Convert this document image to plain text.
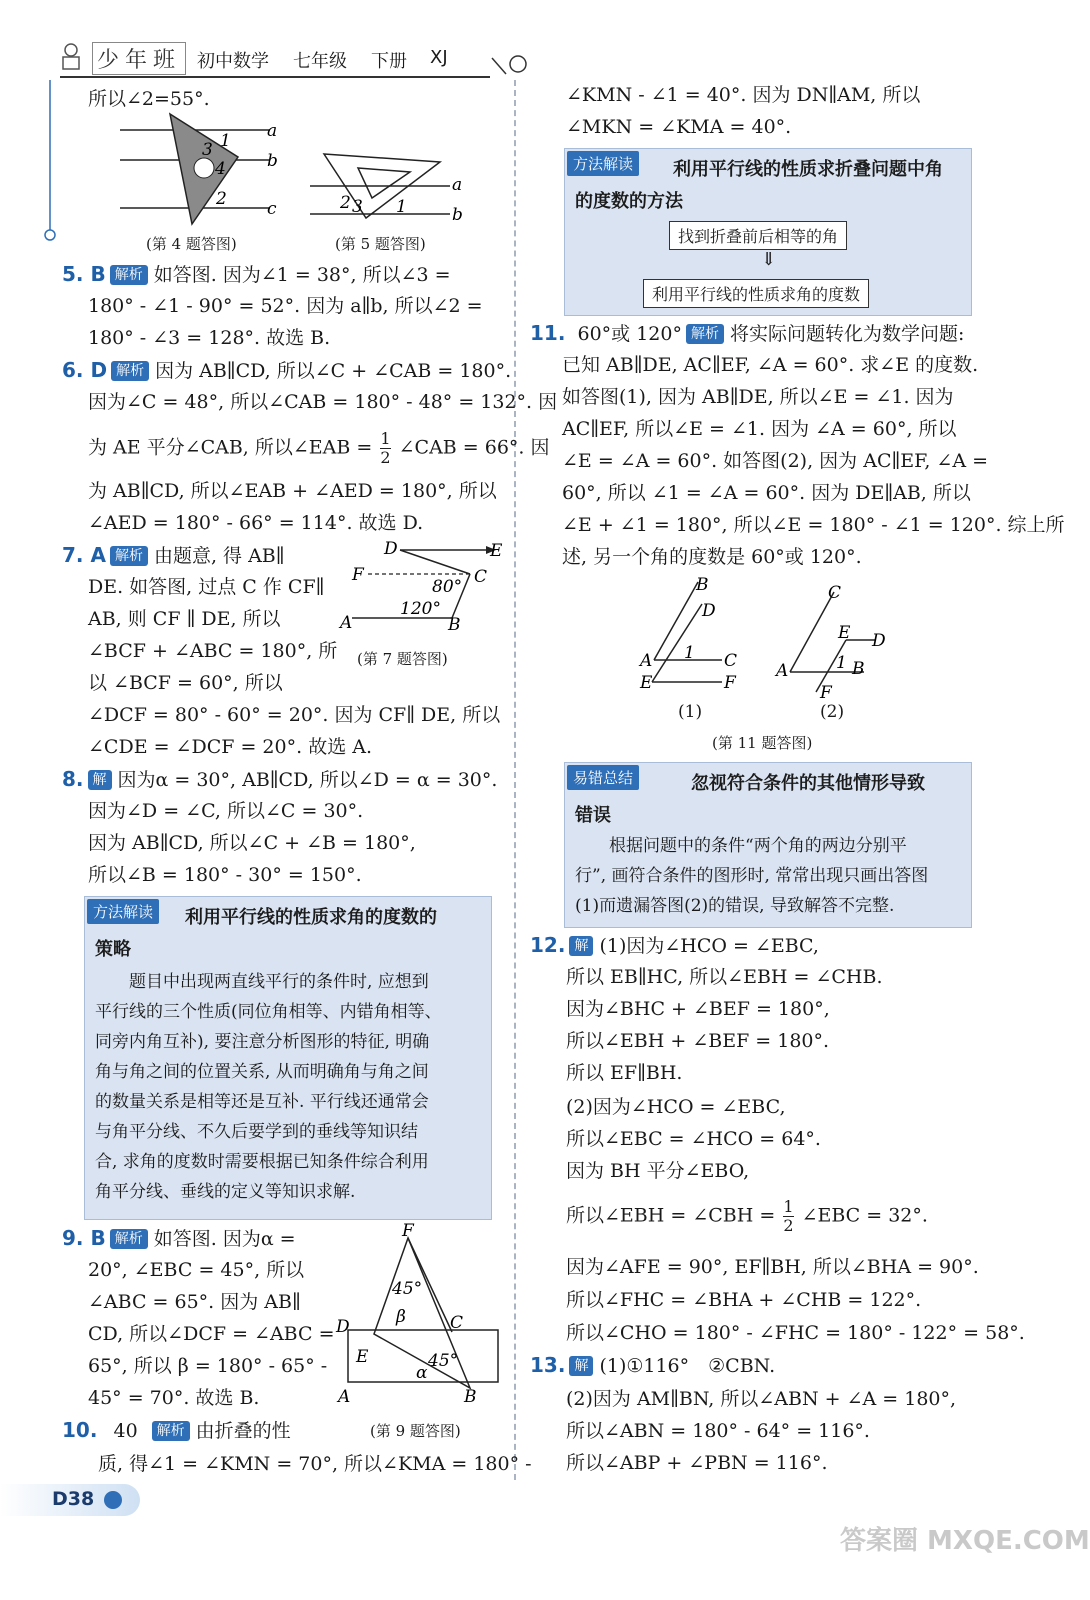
少年班 初中数学 七年级 下册 XJ
所以∠2=55°.
1
3
4
2
a
b
c
(第 4 题答图)
2 3 1
a
b
(第 5 题答图)
5. B 解析 如答图. 因为∠1 = 38°, 所以∠3 =
180° - ∠1 - 90° = 52°. 因为 a∥b, 所以∠2 =
180° - ∠3 = 128°. 故选 B.
6. D 解析 因为 AB∥CD, 所以∠C + ∠CAB = 180°.
因为∠C = 48°, 所以∠CAB = 180° - 48° = 132°. 因
为 AE 平分∠CAB, 所以∠EAB = $\frac{1}{2}$ ∠CAB = 66°. 因
为 AB∥CD, 所以∠EAB + ∠AED = 180°, 所以
∠AED = 180° - 66° = 114°. 故选 D.
7. A 解析 由题意, 得 AB∥
DE. 如答图, 过点 C 作 CF∥
AB, 则 CF ∥ DE, 所以
∠BCF + ∠ABC = 180°, 所
以 ∠BCF = 60°, 所以
∠DCF = 80° - 60° = 20°. 因为 CF∥ DE, 所以
∠CDE = ∠DCF = 20°. 故选 A.
D	E
F	C
A	B
80°
120°
(第 7 题答图)
8. 解 因为α = 30°, AB∥CD, 所以∠D = α = 30°.
因为∠D = ∠C, 所以∠C = 30°.
因为 AB∥CD, 所以∠C + ∠B = 180°,
所以∠B = 180° - 30° = 150°.
方法解读	利用平行线的性质求角的度数的
策略
　　题目中出现两直线平行的条件时, 应想到
平行线的三个性质(同位角相等、内错角相等、
同旁内角互补), 要注意分析图形的特征, 明确
角与角之间的位置关系, 从而明确角与角之间
的数量关系是相等还是互补. 平行线还通常会
与角平分线、不久后要学到的垂线等知识结
合, 求角的度数时需要根据已知条件综合利用
角平分线、垂线的定义等知识求解.
9. B 解析 如答图. 因为α =
20°, ∠EBC = 45°, 所以
∠ABC = 65°. 因为 AB∥
CD, 所以∠DCF = ∠ABC =
65°, 所以 β = 180° - 65° -
45° = 70°. 故选 B.
F
D	C
E
A	B
45°
β
45°
α
(第 9 题答图)
10. 40 解析 由折叠的性
质, 得∠1 = ∠KMN = 70°, 所以∠KMA = 180° -
∠KMN - ∠1 = 40°. 因为 DN∥AM, 所以
∠MKN = ∠KMA = 40°.
方法解读	利用平行线的性质求折叠问题中角
的度数的方法
找到折叠前后相等的角
⇓
利用平行线的性质求角的度数
11. 60°或 120° 解析 将实际问题转化为数学问题:
已知 AB∥DE, AC∥EF, ∠A = 60°. 求∠E 的度数.
如答图(1), 因为 AB∥DE, 所以∠E = ∠1. 因为
AC∥EF, 所以∠E = ∠1. 因为 ∠A = 60°, 所以
∠E = ∠A = 60°. 如答图(2), 因为 AC∥EF, ∠A =
60°, 所以 ∠1 = ∠A = 60°. 因为 DE∥AB, 所以
∠E + ∠1 = 180°, 所以∠E = 180° - ∠1 = 120°. 综上所
述, 另一个角的度数是 60°或 120°.
B
D
A	C
E	F
1
C
E D
A	B
F
1
(1)	(2)
(第 11 题答图)
易错总结	忽视符合条件的其他情形导致
错误
　　根据问题中的条件“两个角的两边分别平
行”, 画符合条件的图形时, 常常出现只画出答图
(1)而遗漏答图(2)的错误, 导致解答不完整.
12. 解 (1)因为∠HCO = ∠EBC,
所以 EB∥HC, 所以∠EBH = ∠CHB.
因为∠BHC + ∠BEF = 180°,
所以∠EBH + ∠BEF = 180°.
所以 EF∥BH.
(2)因为∠HCO = ∠EBC,
所以∠EBC = ∠HCO = 64°.
因为 BH 平分∠EBO,
所以∠EBH = ∠CBH = $\frac{1}{2}$ ∠EBC = 32°.
因为∠AFE = 90°, EF∥BH, 所以∠BHA = 90°.
所以∠FHC = ∠BHA + ∠CHB = 122°.
所以∠CHO = 180° - ∠FHC = 180° - 122° = 58°.
13. 解 (1)①116°　②CBN.
(2)因为 AM∥BN, 所以∠ABN + ∠A = 180°,
所以∠ABN = 180° - 64° = 116°.
所以∠ABP + ∠PBN = 116°.
D38
答案圈 MXQE.COM
